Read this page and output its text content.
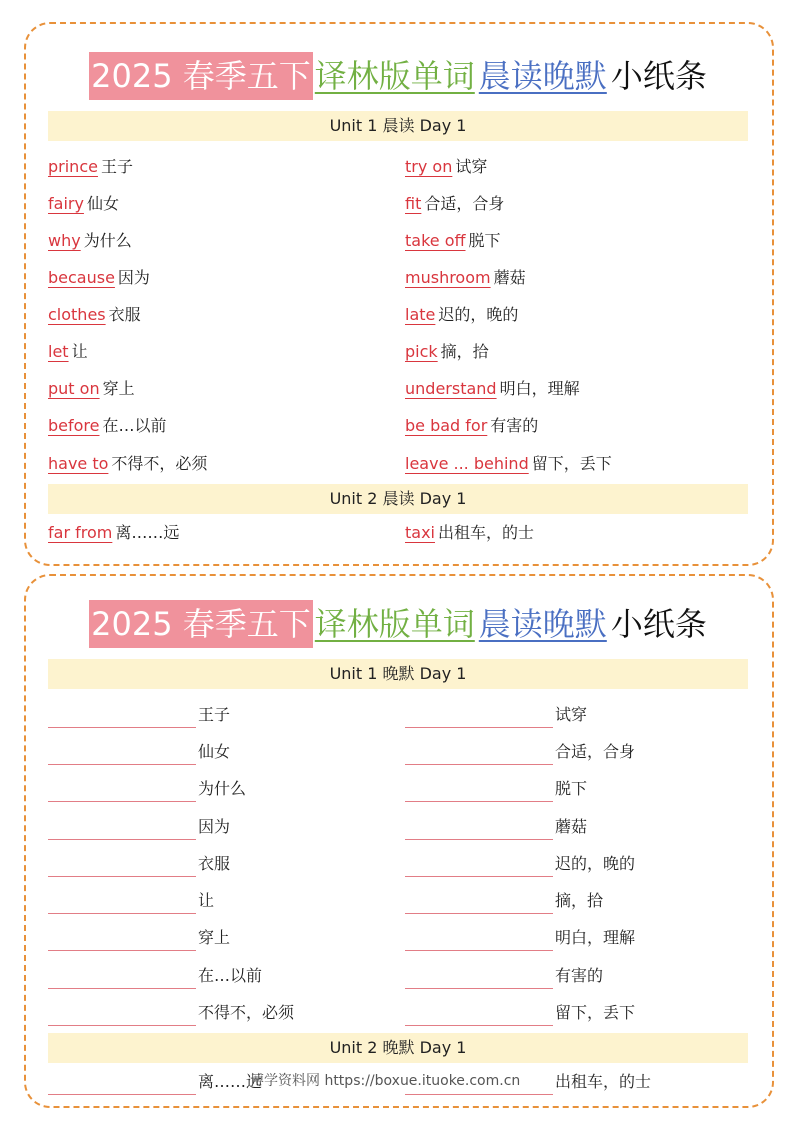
2025 春季五下 译林版单词 晨读晚默 小纸条
Unit 1 晨读 Day 1
prince 王子
fairy 仙女
why 为什么
because 因为
clothes 衣服
let 让
put on 穿上
before 在…以前
have to 不得不，必须
try on 试穿
fit 合适，合身
take off 脱下
mushroom 蘑菇
late 迟的，晚的
pick 摘，拾
understand 明白，理解
be bad for 有害的
leave ... behind 留下，丢下
Unit 2 晨读 Day 1
far from 离……远	taxi 出租车，的士
2025 春季五下 译林版单词 晨读晚默 小纸条
Unit 1 晚默 Day 1
王子
仙女
为什么
因为
衣服
让
穿上
在…以前
不得不，必须
试穿
合适，合身
脱下
蘑菇
迟的，晚的
摘，拾
明白，理解
有害的
留下，丢下
Unit 2 晚默 Day 1
离……远	出租车，的士
博学资料网 https://boxue.ituoke.com.cn
